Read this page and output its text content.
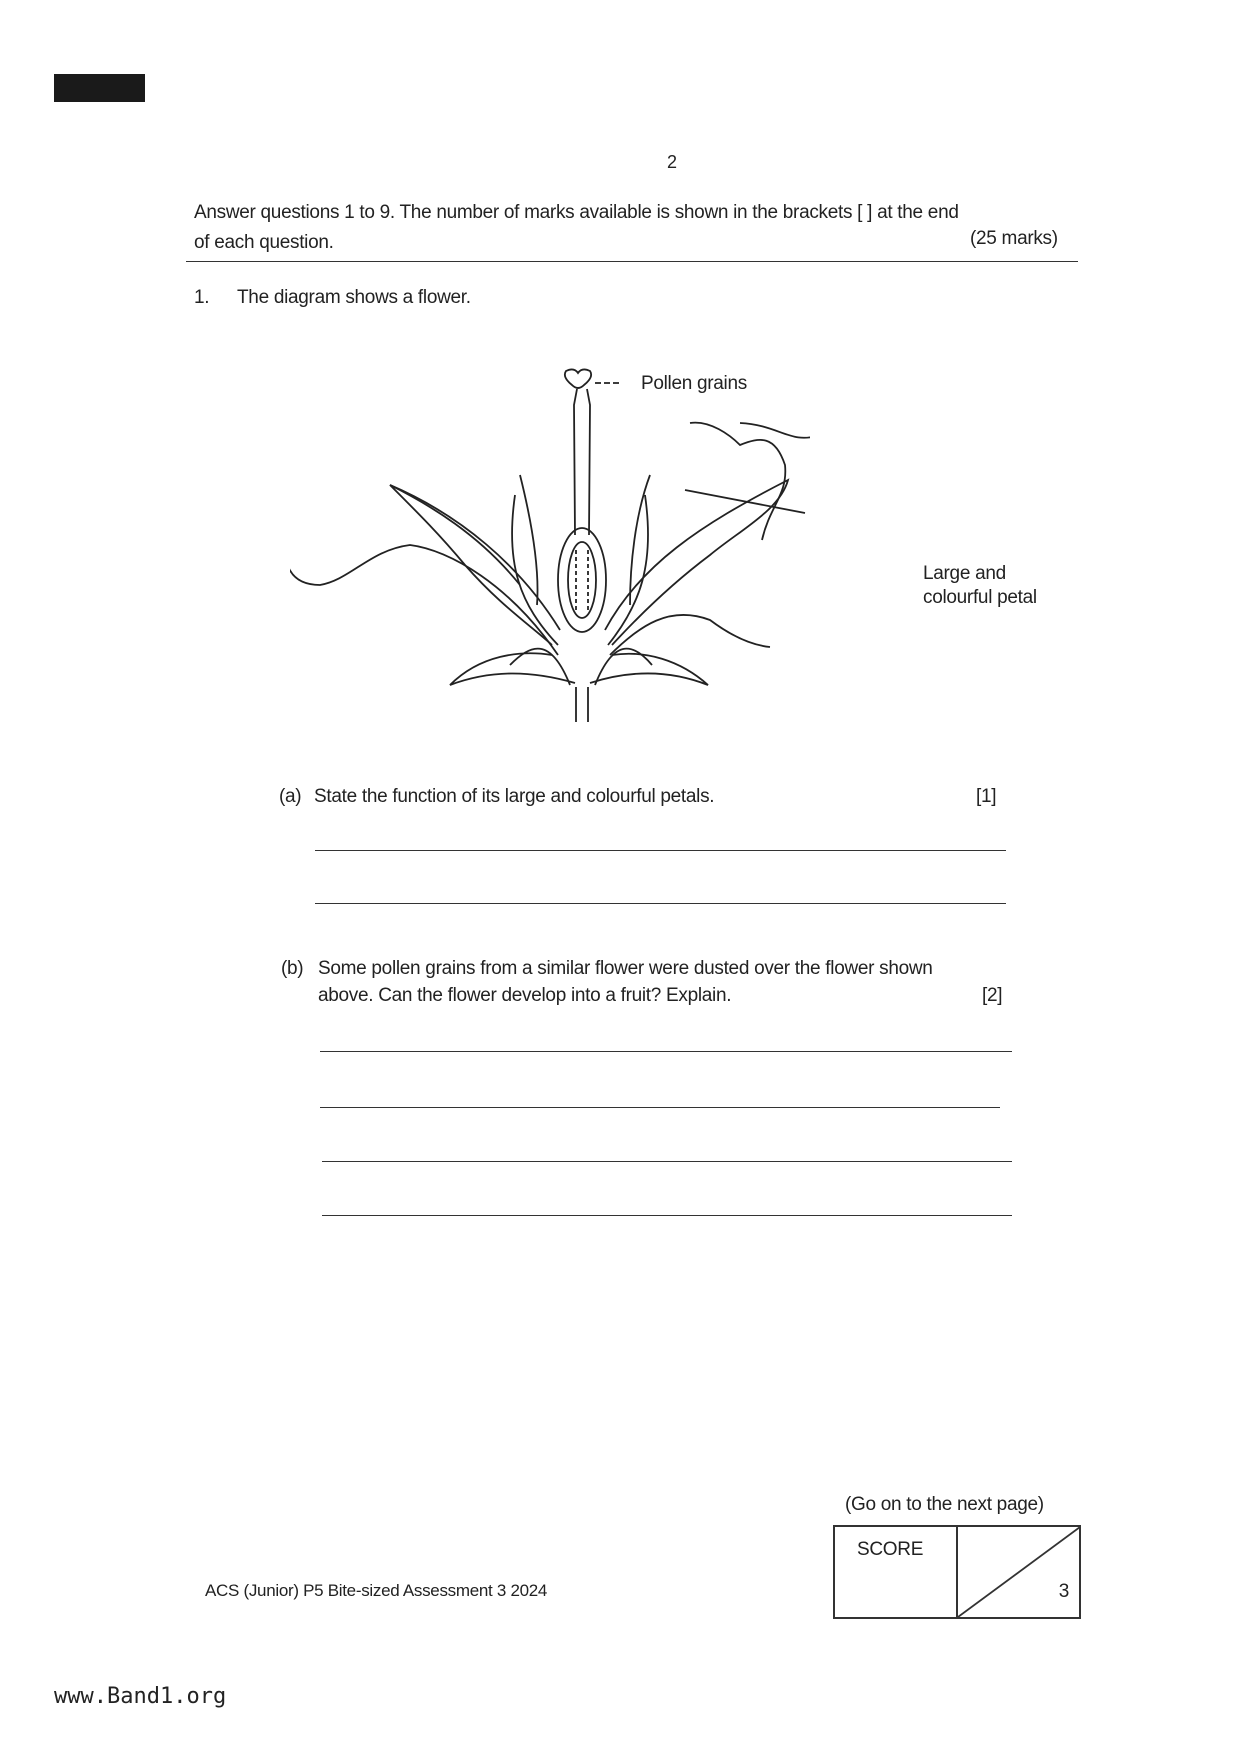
2
Answer questions 1 to 9. The number of marks available is shown in the brackets [ ] at the end
of each question.	(25 marks)
1. The diagram shows a flower.
Pollen grains
Large and
colourful petal
(a) State the function of its large and colourful petals.	[1]
(b) Some pollen grains from a similar flower were dusted over the flower shown
above. Can the flower develop into a fruit? Explain.	[2]
(Go on to the next page)
ACS (Junior) P5 Bite-sized Assessment 3 2024
SCORE
3
www.Band1.org
